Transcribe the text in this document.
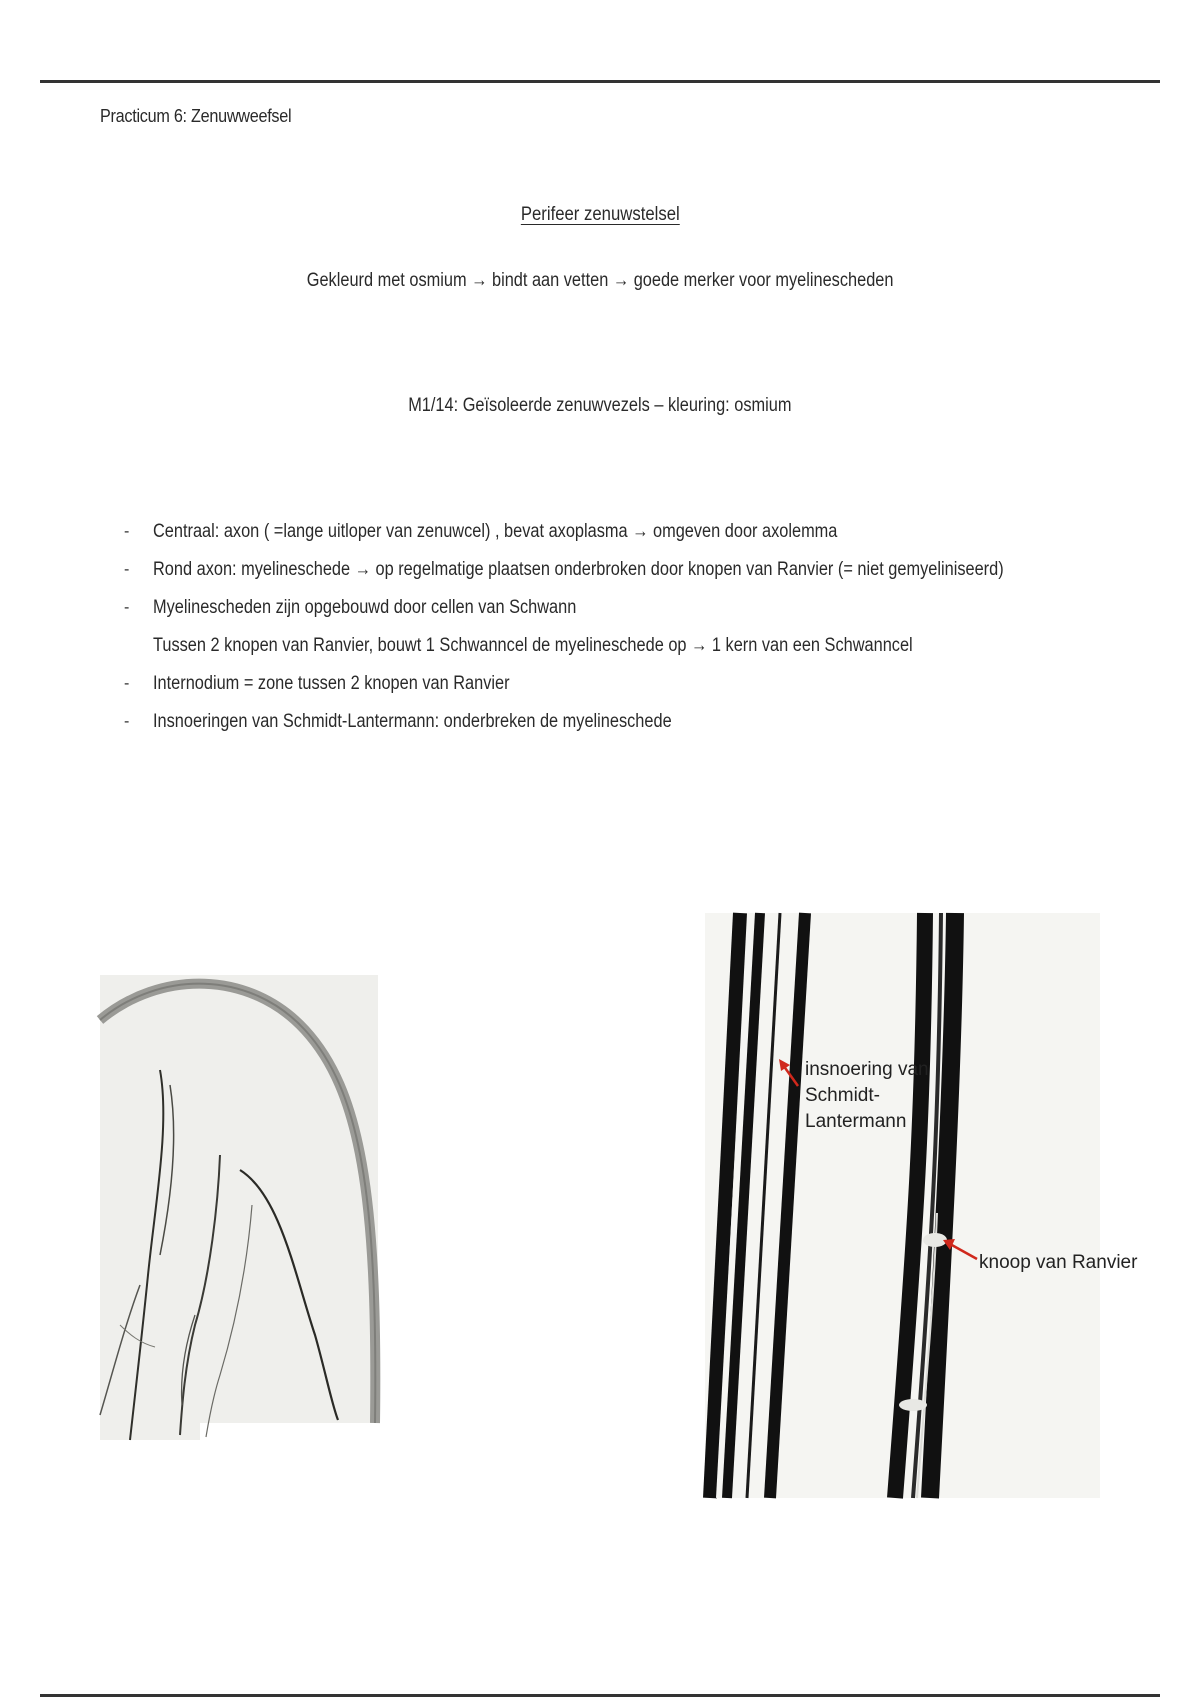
Practicum 6: Zenuwweefsel
Perifeer zenuwstelsel
Gekleurd met osmium → bindt aan vetten → goede merker voor myelinescheden
M1/14: Geïsoleerde zenuwvezels – kleuring: osmium
- Centraal: axon ( =lange uitloper van zenuwcel) , bevat axoplasma → omgeven door axolemma
- Rond axon: myelineschede → op regelmatige plaatsen onderbroken door knopen van Ranvier (= niet gemyeliniseerd)
- Myelinescheden zijn opgebouwd door cellen van Schwann
Tussen 2 knopen van Ranvier, bouwt 1 Schwanncel de myelineschede op → 1 kern van een Schwanncel
- Internodium = zone tussen 2 knopen van Ranvier
- Insnoeringen van Schmidt-Lantermann: onderbreken de myelineschede
insnoering van
Schmidt-
Lantermann
knoop van Ranvier
